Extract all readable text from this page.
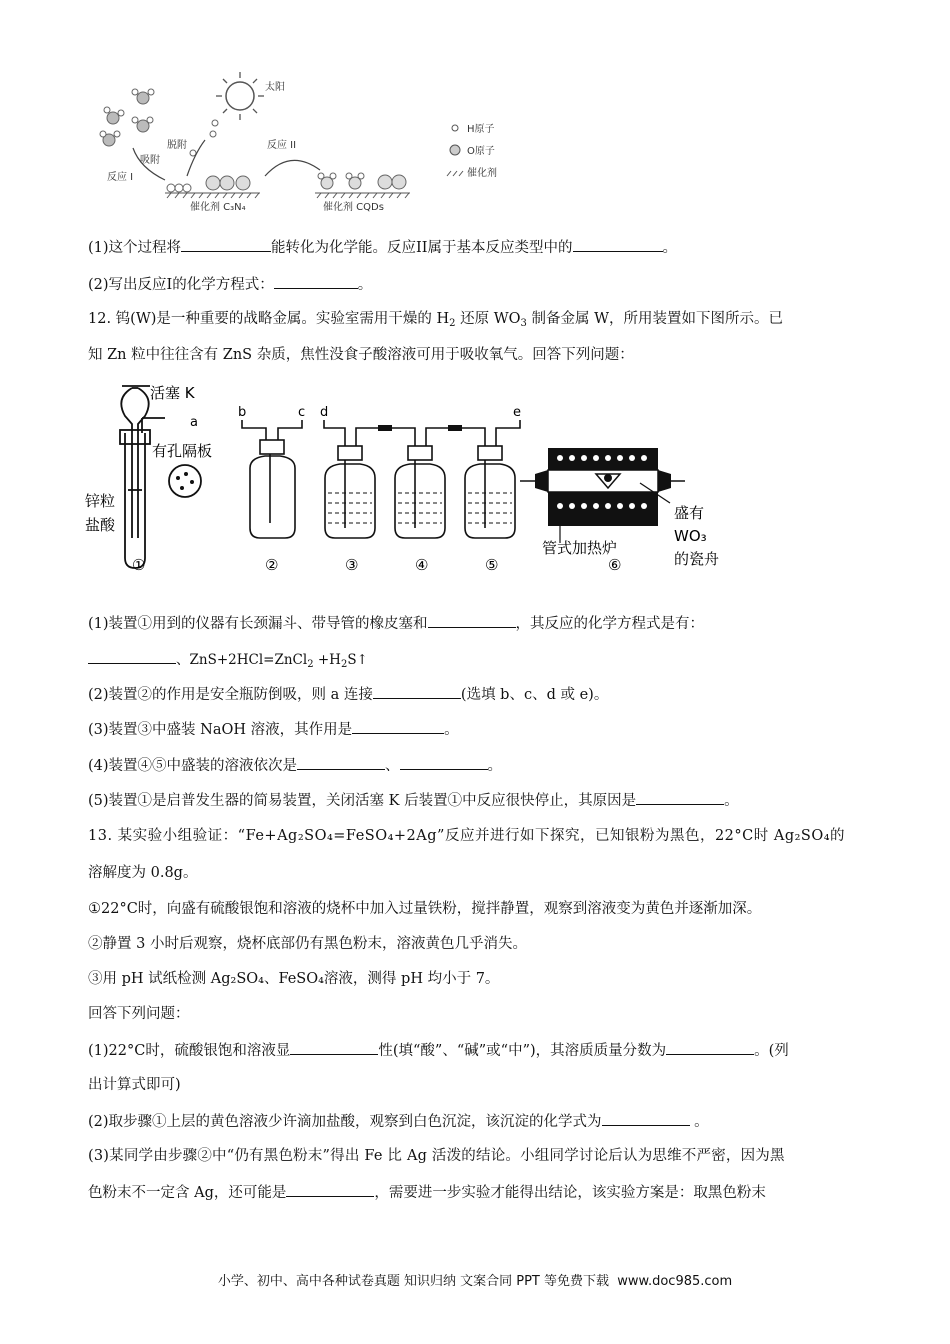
太阳
吸附
脱附
反应 I
反应 II
催化剂 C₃N₄	催化剂 CQDs
H原子
O原子
催化剂
(1)这个过程将	能转化为化学能。反应II属于基本反应类型中的	。
(2)写出反应I的化学方程式：	。
12. 钨(W)是一种重要的战略金属。实验室需用干燥的 $H_2$ 还原 $WO_3$ 制备金属 W，所用装置如下图所示。已
知 Zn 粒中往往含有 ZnS 杂质，焦性没食子酸溶液可用于吸收氧气。回答下列问题：
活塞 K
a
有孔隔板
锌粒
盐酸
①
b	c
②
d	e
③	④	⑤
管式加热炉
盛有
WO₃
的瓷舟
⑥
(1)装置①用到的仪器有长颈漏斗、带导管的橡皮塞和	，其反应的化学方程式是有：
、ZnS+2HCl=ZnCl$_2$ $+H_2S↑$
(2)装置②的作用是安全瓶防倒吸，则 a 连接	(选填 b、c、d 或 e)。
(3)装置③中盛装 NaOH 溶液，其作用是	。
(4)装置④⑤中盛装的溶液依次是	、	。
(5)装置①是启普发生器的简易装置，关闭活塞 K 后装置①中反应很快停止，其原因是	。
13. 某实验小组验证：“Fe+Ag₂SO₄=FeSO₄+2Ag”反应并进行如下探究，已知银粉为黑色，22°C时 Ag₂SO₄的
溶解度为 0.8g。
①22°C时，向盛有硫酸银饱和溶液的烧杯中加入过量铁粉，搅拌静置，观察到溶液变为黄色并逐渐加深。
②静置 3 小时后观察，烧杯底部仍有黑色粉末，溶液黄色几乎消失。
③用 pH 试纸检测 Ag₂SO₄、FeSO₄溶液，测得 pH 均小于 7。
回答下列问题：
(1)22°C时，硫酸银饱和溶液显	性(填“酸”、“碱”或“中”)，其溶质质量分数为	。(列
出计算式即可)
(2)取步骤①上层的黄色溶液少许滴加盐酸，观察到白色沉淀，该沉淀的化学式为	。
(3)某同学由步骤②中“仍有黑色粉末”得出 Fe 比 Ag 活泼的结论。小组同学讨论后认为思维不严密，因为黑
色粉末不一定含 Ag，还可能是	，需要进一步实验才能得出结论，该实验方案是：取黑色粉末
小学、初中、高中各种试卷真题 知识归纳 文案合同 PPT 等免费下载 www.doc985.com
